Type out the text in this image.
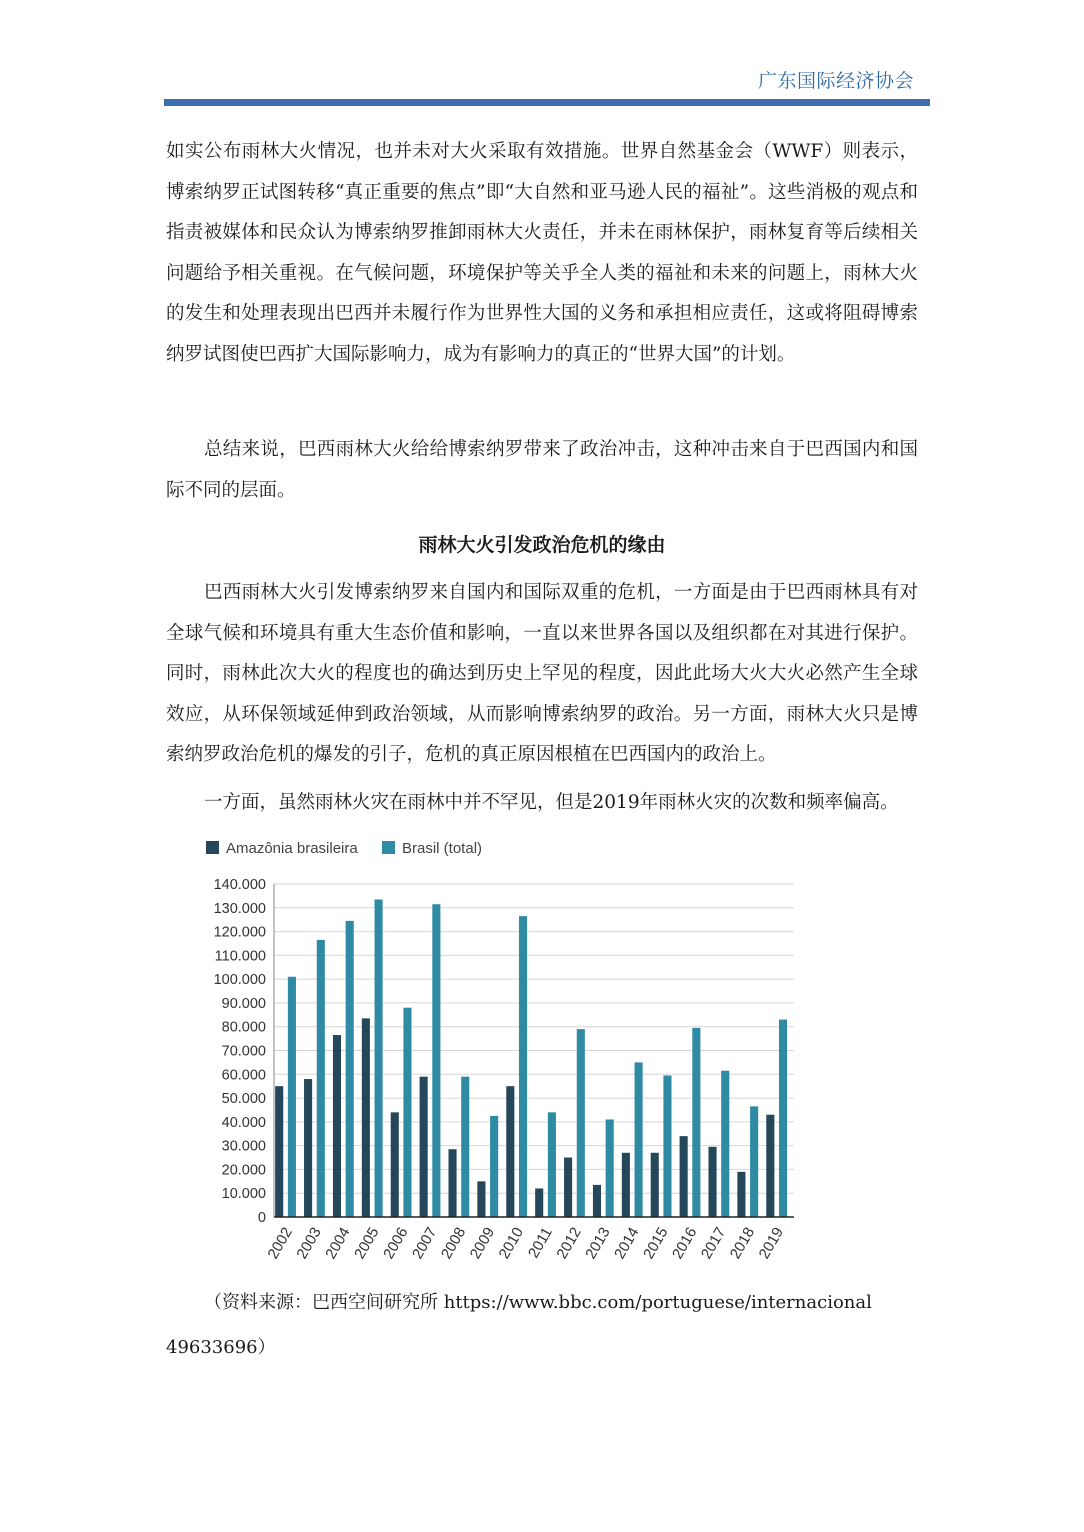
广东国际经济协会

如实公布雨林大火情况，也并未对大火采取有效措施。世界自然基金会（WWF）则表示，博索纳罗正试图转移“真正重要的焦点”即“大自然和亚马逊人民的福祉”。这些消极的观点和指责被媒体和民众认为博索纳罗推卸雨林大火责任，并未在雨林保护，雨林复育等后续相关问题给予相关重视。在气候问题，环境保护等关乎全人类的福祉和未来的问题上，雨林大火的发生和处理表现出巴西并未履行作为世界性大国的义务和承担相应责任，这或将阻碍博索纳罗试图使巴西扩大国际影响力，成为有影响力的真正的“世界大国”的计划。

总结来说，巴西雨林大火给给博索纳罗带来了政治冲击，这种冲击来自于巴西国内和国际不同的层面。

雨林大火引发政治危机的缘由

巴西雨林大火引发博索纳罗来自国内和国际双重的危机，一方面是由于巴西雨林具有对全球气候和环境具有重大生态价值和影响，一直以来世界各国以及组织都在对其进行保护。同时，雨林此次大火的程度也的确达到历史上罕见的程度，因此此场大火大火必然产生全球效应，从环保领域延伸到政治领域，从而影响博索纳罗的政治。另一方面，雨林大火只是博索纳罗政治危机的爆发的引子，危机的真正原因根植在巴西国内的政治上。

一方面，虽然雨林火灾在雨林中并不罕见，但是2019年雨林火灾的次数和频率偏高。

Amazônia brasileira	Brasil (total)
0
10.000
20.000
30.000
40.000
50.000
60.000
70.000
80.000
90.000
100.000
110.000
120.000
130.000
140.000
2002
2003
2004
2005
2006
2007
2008
2009
2010
2011
2012
2013
2014
2015
2016
2017
2018
2019
（资料来源：巴西空间研究所 https://www.bbc.com/portuguese/internacional
49633696）
